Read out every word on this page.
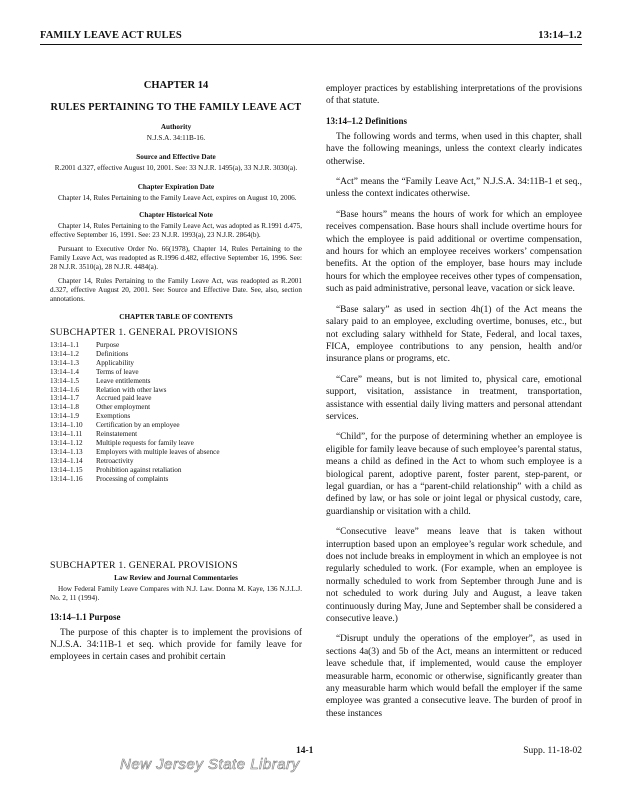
FAMILY LEAVE ACT RULES	13:14–1.2
CHAPTER 14
RULES PERTAINING TO THE FAMILY LEAVE ACT
Authority
N.J.S.A. 34:11B-16.
Source and Effective Date
R.2001 d.327, effective August 10, 2001. See: 33 N.J.R. 1495(a), 33 N.J.R. 3030(a).
Chapter Expiration Date

Chapter 14, Rules Pertaining to the Family Leave Act, expires on August 10, 2006.

Chapter Historical Note

Chapter 14, Rules Pertaining to the Family Leave Act, was adopted as R.1991 d.475, effective September 16, 1991. See: 23 N.J.R. 1993(a), 23 N.J.R. 2864(b).

Pursuant to Executive Order No. 66(1978), Chapter 14, Rules Pertaining to the Family Leave Act, was readopted as R.1996 d.482, effective September 16, 1996. See: 28 N.J.R. 3510(a), 28 N.J.R. 4484(a).

Chapter 14, Rules Pertaining to the Family Leave Act, was readopted as R.2001 d.327, effective August 20, 2001. See: Source and Effective Date. See, also, section annotations.

CHAPTER TABLE OF CONTENTS
SUBCHAPTER 1. GENERAL PROVISIONS
13:14–1.1 Purpose
13:14–1.2 Definitions
13:14–1.3 Applicability
13:14–1.4 Terms of leave
13:14–1.5 Leave entitlements
13:14–1.6 Relation with other laws
13:14–1.7 Accrued paid leave
13:14–1.8 Other employment
13:14–1.9 Exemptions
13:14–1.10 Certification by an employee
13:14–1.11 Reinstatement
13:14–1.12 Multiple requests for family leave
13:14–1.13 Employers with multiple leaves of absence
13:14–1.14 Retroactivity
13:14–1.15 Prohibition against retaliation
13:14–1.16 Processing of complaints
SUBCHAPTER 1. GENERAL PROVISIONS
Law Review and Journal Commentaries

How Federal Family Leave Compares with N.J. Law. Donna M. Kaye, 136 N.J.L.J. No. 2, 11 (1994).

13:14–1.1 Purpose

The purpose of this chapter is to implement the provisions of N.J.S.A. 34:11B-1 et seq. which provide for family leave for employees in certain cases and prohibit certain

employer practices by establishing interpretations of the provisions of that statute.

13:14–1.2 Definitions

The following words and terms, when used in this chapter, shall have the following meanings, unless the context clearly indicates otherwise.

“Act” means the “Family Leave Act,” N.J.S.A. 34:11B-1 et seq., unless the context indicates otherwise.

“Base hours” means the hours of work for which an employee receives compensation. Base hours shall include overtime hours for which the employee is paid additional or overtime compensation, and hours for which an employee receives workers’ compensation benefits. At the option of the employer, base hours may include hours for which the employee receives other types of compensation, such as paid administrative, personal leave, vacation or sick leave.

“Base salary” as used in section 4h(1) of the Act means the salary paid to an employee, excluding overtime, bonuses, etc., but not excluding salary withheld for State, Federal, and local taxes, FICA, employee contributions to any pension, health and/or insurance plans or programs, etc.

“Care” means, but is not limited to, physical care, emotional support, visitation, assistance in treatment, transportation, assistance with essential daily living matters and personal attendant services.

“Child”, for the purpose of determining whether an employee is eligible for family leave because of such employee’s parental status, means a child as defined in the Act to whom such employee is a biological parent, adoptive parent, foster parent, step-parent, or legal guardian, or has a “parent-child relationship” with a child as defined by law, or has sole or joint legal or physical custody, care, guardianship or visitation with a child.

“Consecutive leave” means leave that is taken without interruption based upon an employee’s regular work schedule, and does not include breaks in employment in which an employee is not regularly scheduled to work. (For example, when an employee is normally scheduled to work from September through June and is not scheduled to work during July and August, a leave taken continuously during May, June and September shall be considered a consecutive leave.)

“Disrupt unduly the operations of the employer”, as used in sections 4a(3) and 5b of the Act, means an intermittent or reduced leave schedule that, if implemented, would cause the employer measurable harm, economic or otherwise, significantly greater than any measurable harm which would befall the employer if the same employee was granted a consecutive leave. The burden of proof in these instances

14-1	Supp. 11-18-02
New Jersey State Library
